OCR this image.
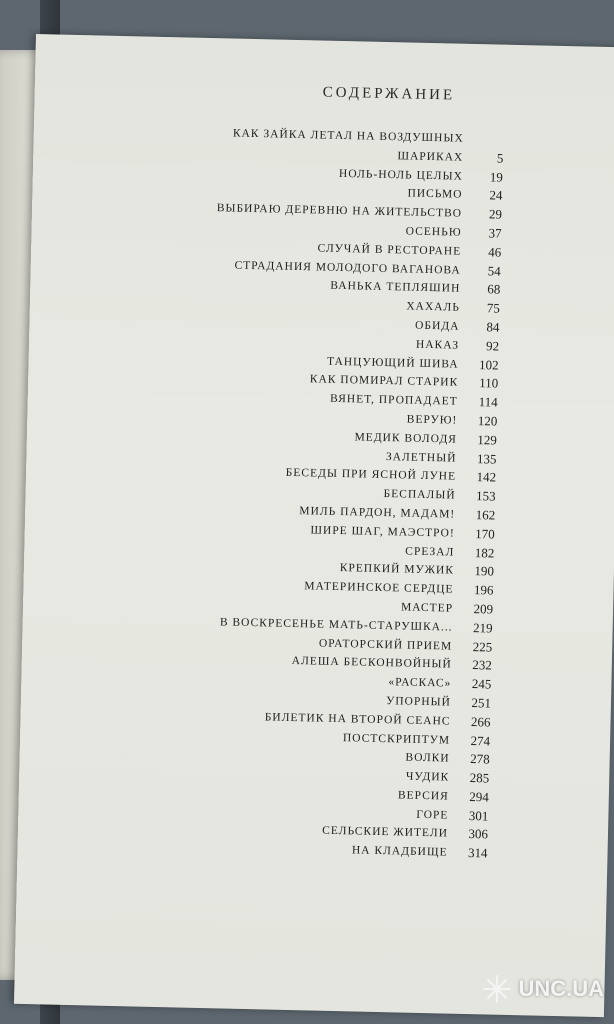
СОДЕРЖАНИЕ
КАК ЗАЙКА ЛЕТАЛ НА ВОЗДУШНЫХ
ШАРИКАХ	5
НОЛЬ-НОЛЬ ЦЕЛЫХ	19
ПИСЬМО	24
ВЫБИРАЮ ДЕРЕВНЮ НА ЖИТЕЛЬСТВО	29
ОСЕНЬЮ	37
СЛУЧАЙ В РЕСТОРАНЕ	46
СТРАДАНИЯ МОЛОДОГО ВАГАНОВА	54
ВАНЬКА ТЕПЛЯШИН	68
ХАХАЛЬ	75
ОБИДА	84
НАКАЗ	92
ТАНЦУЮЩИЙ ШИВА	102
КАК ПОМИРАЛ СТАРИК	110
ВЯНЕТ, ПРОПАДАЕТ	114
ВЕРУЮ!	120
МЕДИК ВОЛОДЯ	129
ЗАЛЕТНЫЙ	135
БЕСЕДЫ ПРИ ЯСНОЙ ЛУНЕ	142
БЕСПАЛЫЙ	153
МИЛЬ ПАРДОН, МАДАМ!	162
ШИРЕ ШАГ, МАЭСТРО!	170
СРЕЗАЛ	182
КРЕПКИЙ МУЖИК	190
МАТЕРИНСКОЕ СЕРДЦЕ	196
МАСТЕР	209
В ВОСКРЕСЕНЬЕ МАТЬ-СТАРУШКА...	219
ОРАТОРСКИЙ ПРИЕМ	225
АЛЕША БЕСКОНВОЙНЫЙ	232
«РАСКАС»	245
УПОРНЫЙ	251
БИЛЕТИК НА ВТОРОЙ СЕАНС	266
ПОСТСКРИПТУМ	274
ВОЛКИ	278
ЧУДИК	285
ВЕРСИЯ	294
ГОРЕ	301
СЕЛЬСКИЕ ЖИТЕЛИ	306
НА КЛАДБИЩЕ	314
UNC.UA
